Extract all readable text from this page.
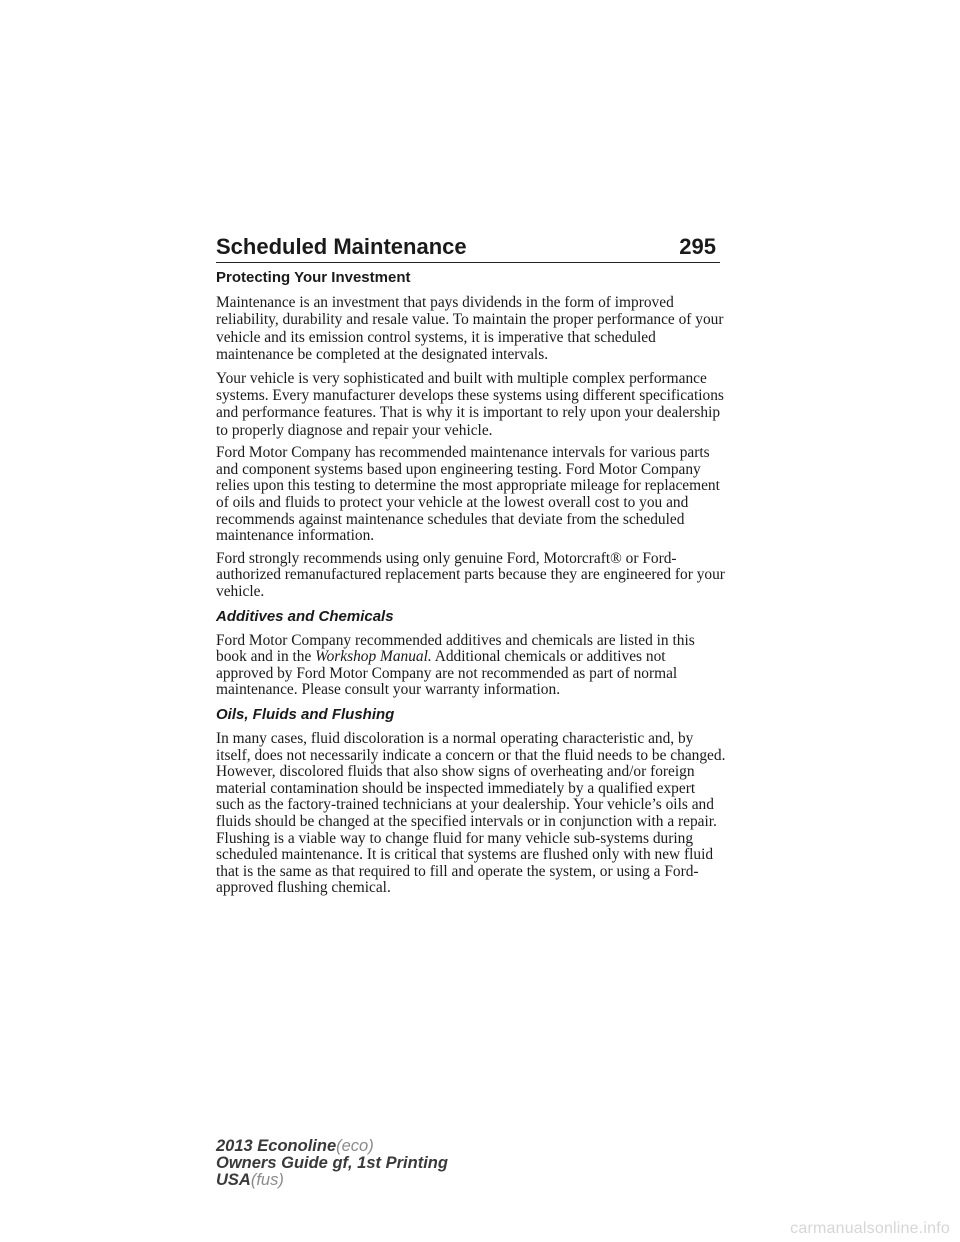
Scheduled Maintenance	295
Protecting Your Investment

Maintenance is an investment that pays dividends in the form of improved reliability, durability and resale value. To maintain the proper performance of your vehicle and its emission control systems, it is imperative that scheduled maintenance be completed at the designated intervals.

Your vehicle is very sophisticated and built with multiple complex performance systems. Every manufacturer develops these systems using different specifications and performance features. That is why it is important to rely upon your dealership to properly diagnose and repair your vehicle.

Ford Motor Company has recommended maintenance intervals for various parts and component systems based upon engineering testing. Ford Motor Company relies upon this testing to determine the most appropriate mileage for replacement of oils and fluids to protect your vehicle at the lowest overall cost to you and recommends against maintenance schedules that deviate from the scheduled maintenance information.

Ford strongly recommends using only genuine Ford, Motorcraft® or Ford-authorized remanufactured replacement parts because they are engineered for your vehicle.

Additives and Chemicals

Ford Motor Company recommended additives and chemicals are listed in this book and in the Workshop Manual. Additional chemicals or additives not approved by Ford Motor Company are not recommended as part of normal maintenance. Please consult your warranty information.

Oils, Fluids and Flushing

In many cases, fluid discoloration is a normal operating characteristic and, by itself, does not necessarily indicate a concern or that the fluid needs to be changed. However, discolored fluids that also show signs of overheating and/or foreign material contamination should be inspected immediately by a qualified expert such as the factory-trained technicians at your dealership. Your vehicle’s oils and fluids should be changed at the specified intervals or in conjunction with a repair. Flushing is a viable way to change fluid for many vehicle sub-systems during scheduled maintenance. It is critical that systems are flushed only with new fluid that is the same as that required to fill and operate the system, or using a Ford-approved flushing chemical.

2013 Econoline(eco)
Owners Guide gf, 1st Printing
USA(fus)
carmanualsonline.info
